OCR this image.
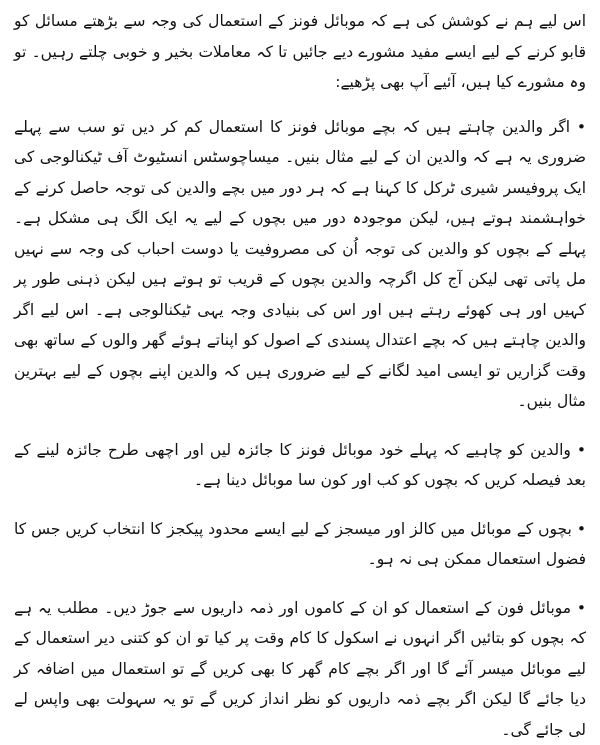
اس لیے ہم نے کوشش کی ہے کہ موبائل فونز کے استعمال کی وجہ سے بڑھتے مسائل کو قابو کرنے کے لیے ایسے مفید مشورے دیے جائیں تا کہ معاملات بخیر و خوبی چلتے رہیں۔ تو وہ مشورے کیا ہیں، آئیے آپ بھی پڑھیے:

• اگر والدین چاہتے ہیں کہ بچے موبائل فونز کا استعمال کم کر دیں تو سب سے پہلے ضروری یہ ہے کہ والدین ان کے لیے مثال بنیں۔ میساچوسٹس انسٹیوٹ آف ٹیکنالوجی کی ایک پروفیسر شیری ٹرکل کا کہنا ہے کہ ہر دور میں بچے والدین کی توجہ حاصل کرنے کے خواہشمند ہوتے ہیں، لیکن موجودہ دور میں بچوں کے لیے یہ ایک الگ ہی مشکل ہے۔ پہلے کے بچوں کو والدین کی توجہ اُن کی مصروفیت یا دوست احباب کی وجہ سے نہیں مل پاتی تھی لیکن آج کل اگرچہ والدین بچوں کے قریب تو ہوتے ہیں لیکن ذہنی طور پر کہیں اور ہی کھوئے رہتے ہیں اور اس کی بنیادی وجہ یہی ٹیکنالوجی ہے۔ اس لیے اگر والدین چاہتے ہیں کہ بچے اعتدال پسندی کے اصول کو اپناتے ہوئے گھر والوں کے ساتھ بھی وقت گزاریں تو ایسی امید لگانے کے لیے ضروری ہیں کہ والدین اپنے بچوں کے لیے بہترین مثال بنیں۔

• والدین کو چاہیے کہ پہلے خود موبائل فونز کا جائزہ لیں اور اچھی طرح جائزہ لینے کے بعد فیصلہ کریں کہ بچوں کو کب اور کون سا موبائل دینا ہے۔

• بچوں کے موبائل میں کالز اور میسجز کے لیے ایسے محدود پیکجز کا انتخاب کریں جس کا فضول استعمال ممکن ہی نہ ہو۔

• موبائل فون کے استعمال کو ان کے کاموں اور ذمہ داریوں سے جوڑ دیں۔ مطلب یہ ہے کہ بچوں کو بتائیں اگر انہوں نے اسکول کا کام وقت پر کیا تو ان کو کتنی دیر استعمال کے لیے موبائل میسر آئے گا اور اگر بچے کام گھر کا بھی کریں گے تو استعمال میں اضافہ کر دیا جائے گا لیکن اگر بچے ذمہ داریوں کو نظر انداز کریں گے تو یہ سہولت بھی واپس لے لی جائے گی۔
